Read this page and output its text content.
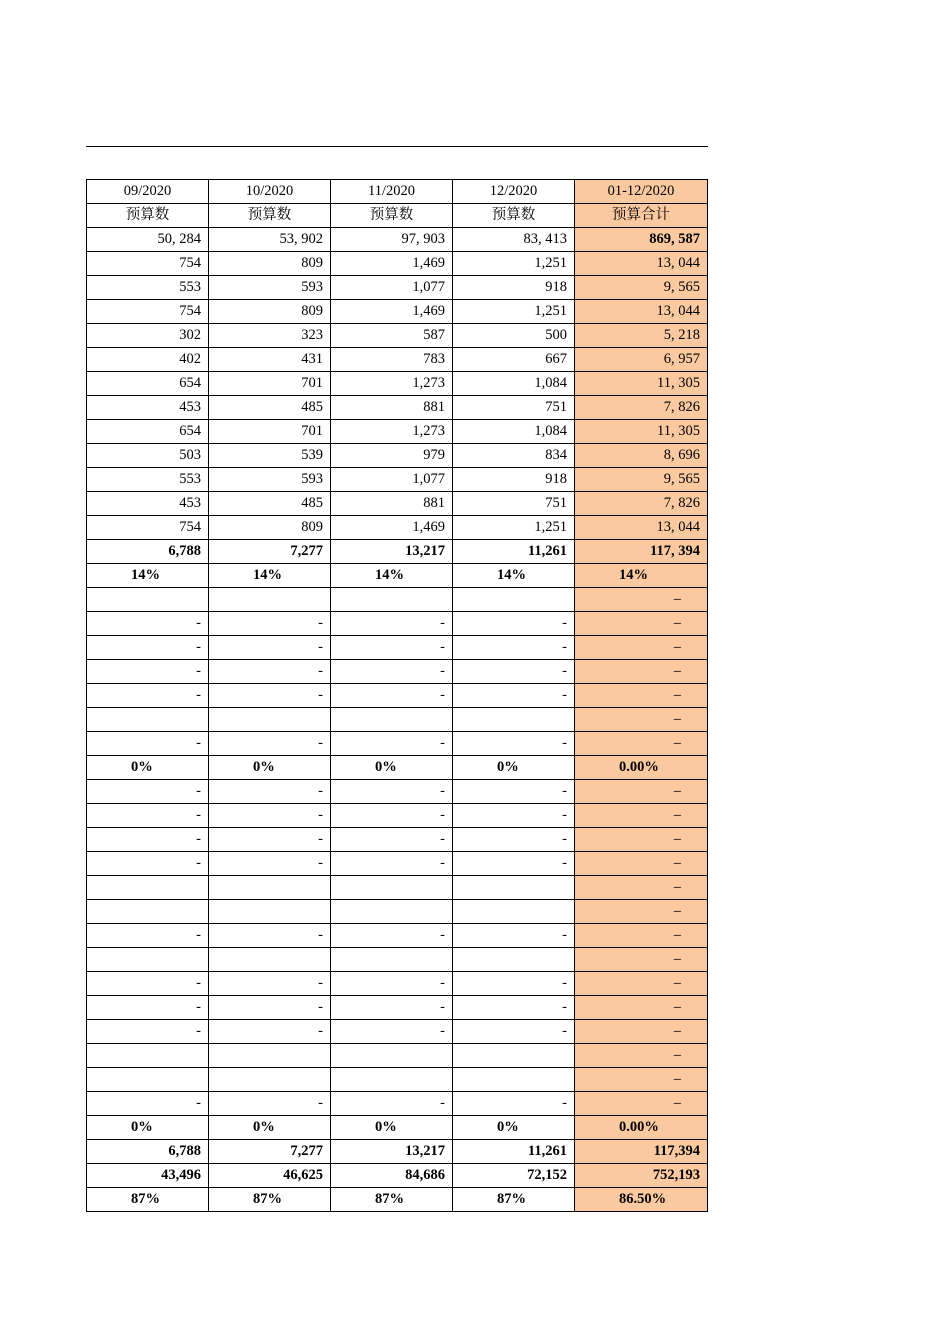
09/2020	10/2020	11/2020	12/2020	01-12/2020
预算数	预算数	预算数	预算数	预算合计
50, 284	53, 902	97, 903	83, 413	869, 587
754	809	1,469	1,251	13, 044
553	593	1,077	918	9, 565
754	809	1,469	1,251	13, 044
302	323	587	500	5, 218
402	431	783	667	6, 957
654	701	1,273	1,084	11, 305
453	485	881	751	7, 826
654	701	1,273	1,084	11, 305
503	539	979	834	8, 696
553	593	1,077	918	9, 565
453	485	881	751	7, 826
754	809	1,469	1,251	13, 044
6,788	7,277	13,217	11,261	117, 394
14%	14%	14%	14%	14%
				–
-	-	-	-	–
-	-	-	-	–
-	-	-	-	–
-	-	-	-	–
				–
-	-	-	-	–
0%	0%	0%	0%	0.00%
-	-	-	-	–
-	-	-	-	–
-	-	-	-	–
-	-	-	-	–
				–
				–
-	-	-	-	–
				–
-	-	-	-	–
-	-	-	-	–
-	-	-	-	–
				–
				–
-	-	-	-	–
0%	0%	0%	0%	0.00%
6,788	7,277	13,217	11,261	117,394
43,496	46,625	84,686	72,152	752,193
87%	87%	87%	87%	86.50%
